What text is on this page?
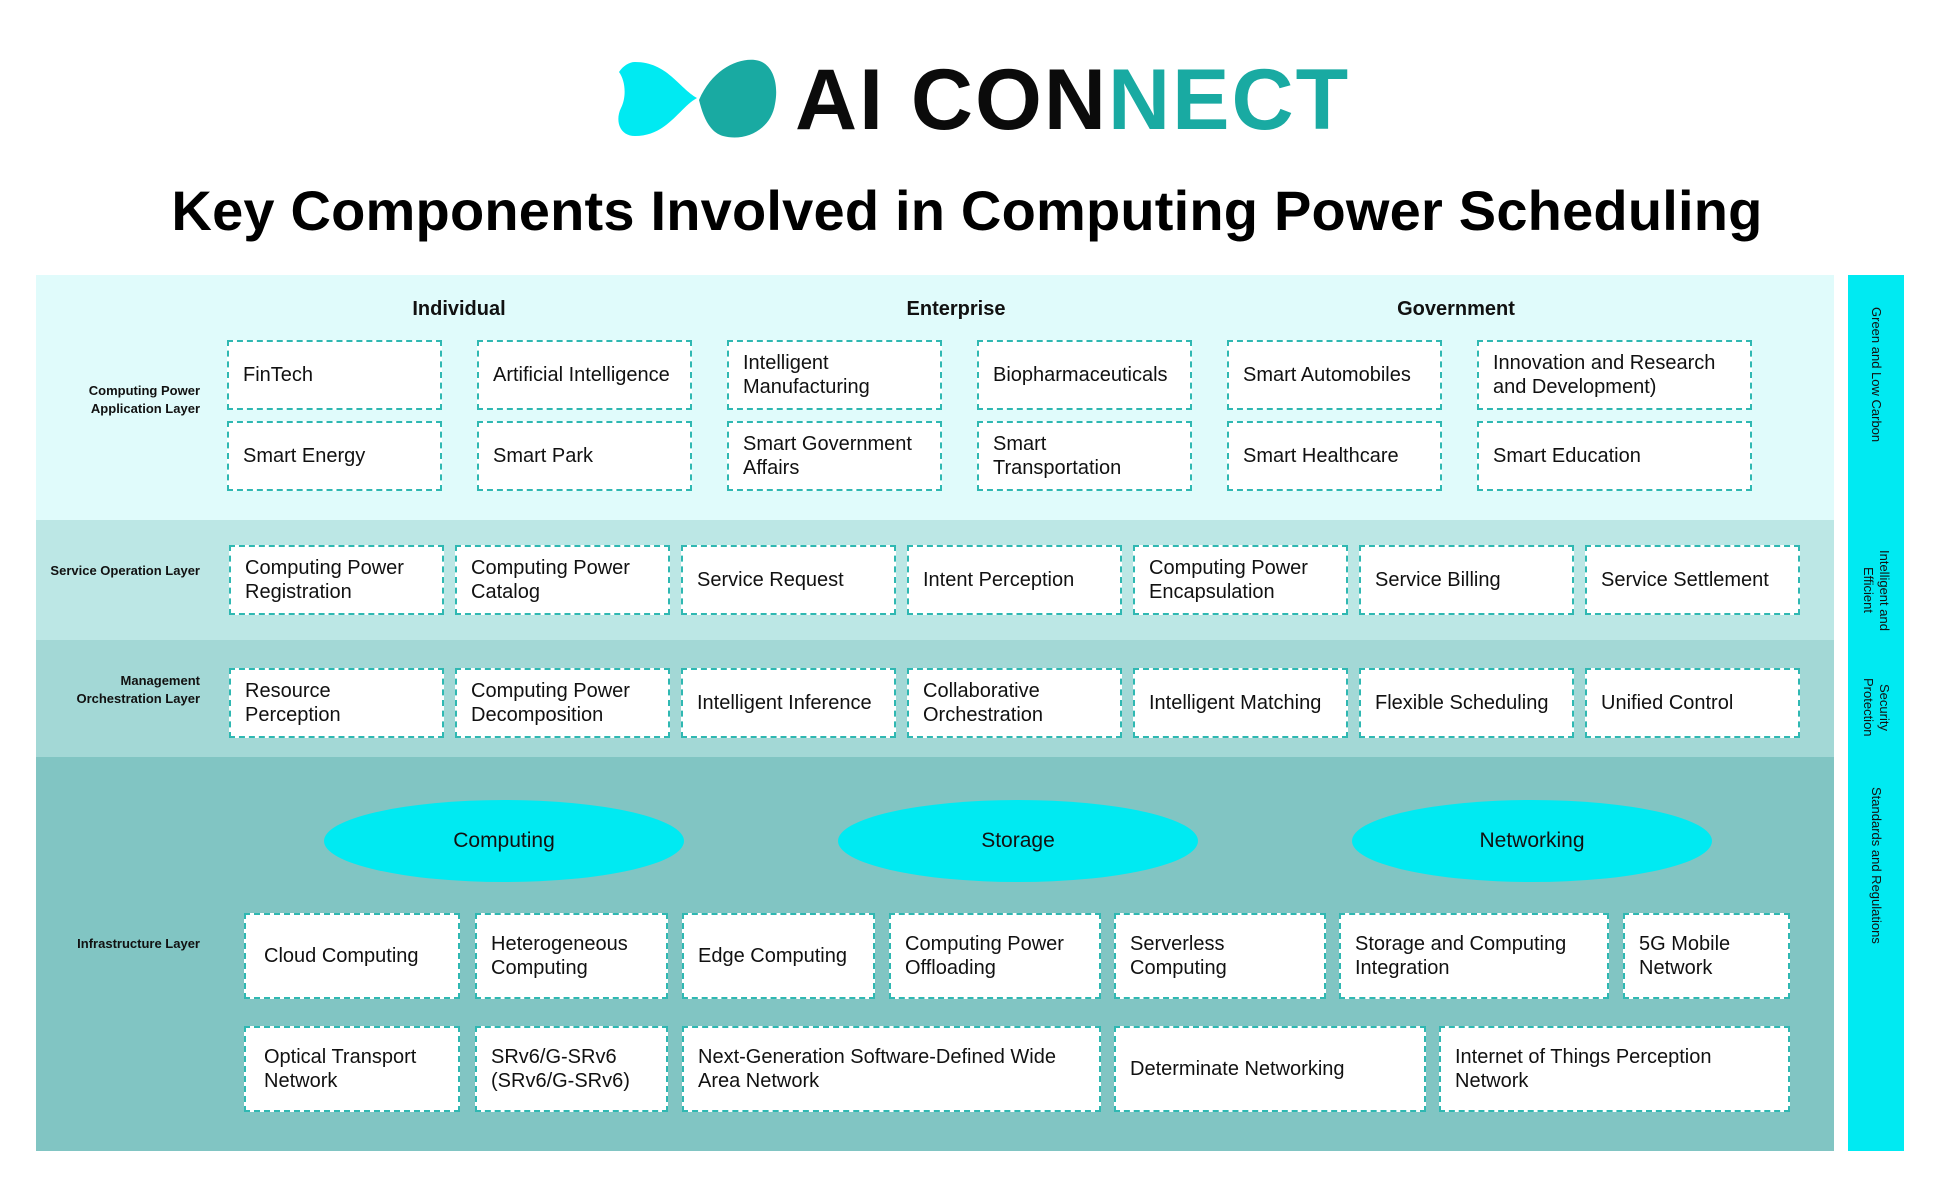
AI CONNECT
Key Components Involved in Computing Power Scheduling
Computing Power Application Layer
Individual	Enterprise	Government
FinTech	Artificial Intelligence
Intelligent Manufacturing
Biopharmaceuticals	Smart Automobiles
Innovation and Research and Development)
Smart Energy	Smart Park
Smart Government Affairs
Smart Transportation
Smart Healthcare	Smart Education
Service Operation Layer Computing Power Registration
Computing Power Catalog
Service Request	Intent Perception
Computing Power Encapsulation
Service Billing	Service Settlement
Management Orchestration Layer Resource Perception
Computing Power Decomposition
Intelligent Inference
Collaborative Orchestration
Intelligent Matching	Flexible Scheduling	Unified Control
Infrastructure Layer
Computing	Storage	Networking
Cloud Computing
Heterogeneous Computing
Edge Computing
Computing Power Offloading
Serverless Computing
Storage and Computing Integration
5G Mobile Network
Optical Transport Network
SRv6/G-SRv6 (SRv6/G-SRv6)
Next-Generation Software-Defined Wide Area Network
Determinate Networking
Internet of Things Perception Network
Green and Low Carbon
Intelligent and Efficient
Security Protection
Standards and Regulations
